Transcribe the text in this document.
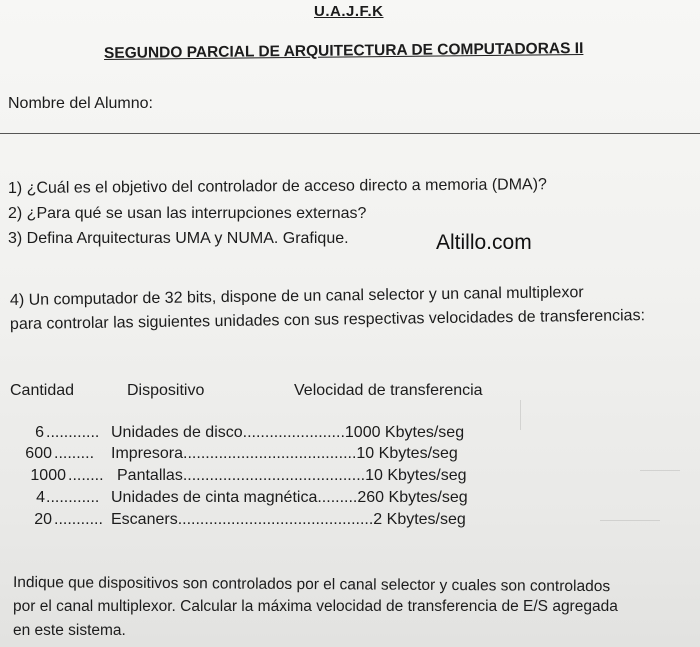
U.A.J.F.K
SEGUNDO PARCIAL DE ARQUITECTURA DE COMPUTADORAS II
Nombre del Alumno:
1) ¿Cuál es el objetivo del controlador de acceso directo a memoria (DMA)?
2) ¿Para qué se usan las interrupciones externas?
3) Defina Arquitecturas UMA y NUMA. Grafique.	Altillo.com
4) Un computador de 32 bits, dispone de un canal selector y un canal multiplexor
para controlar las siguientes unidades con sus respectivas velocidades de transferencias:
Cantidad	Dispositivo	Velocidad de transferencia
6 ............ Unidades de disco.......................1000 Kbytes/seg
600 ......... Impresora.......................................10 Kbytes/seg
1000 ........ Pantallas.........................................10 Kbytes/seg
4 ............ Unidades de cinta magnética.........260 Kbytes/seg
20 ........... Escaners............................................2 Kbytes/seg
Indique que dispositivos son controlados por el canal selector y cuales son controlados
por el canal multiplexor. Calcular la máxima velocidad de transferencia de E/S agregada
en este sistema.
